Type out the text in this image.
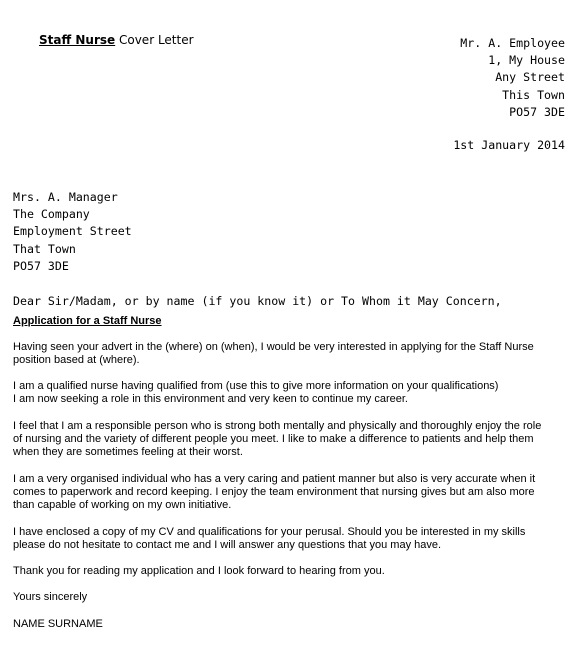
Staff Nurse Cover Letter	Mr. A. Employee
1, My House
Any Street
This Town
PO57 3DE
1st January 2014
Mrs. A. Manager
The Company
Employment Street
That Town
PO57 3DE
Dear Sir/Madam, or by name (if you know it) or To Whom it May Concern,
Application for a Staff Nurse
Having seen your advert in the (where) on (when), I would be very interested in applying for the Staff Nurse
position based at (where).
I am a qualified nurse having qualified from (use this to give more information on your qualifications)
I am now seeking a role in this environment and very keen to continue my career.
I feel that I am a responsible person who is strong both mentally and physically and thoroughly enjoy the role
of nursing and the variety of different people you meet. I like to make a difference to patients and help them
when they are sometimes feeling at their worst.
I am a very organised individual who has a very caring and patient manner but also is very accurate when it
comes to paperwork and record keeping. I enjoy the team environment that nursing gives but am also more
than capable of working on my own initiative.
I have enclosed a copy of my CV and qualifications for your perusal. Should you be interested in my skills
please do not hesitate to contact me and I will answer any questions that you may have.
Thank you for reading my application and I look forward to hearing from you.
Yours sincerely
NAME SURNAME
